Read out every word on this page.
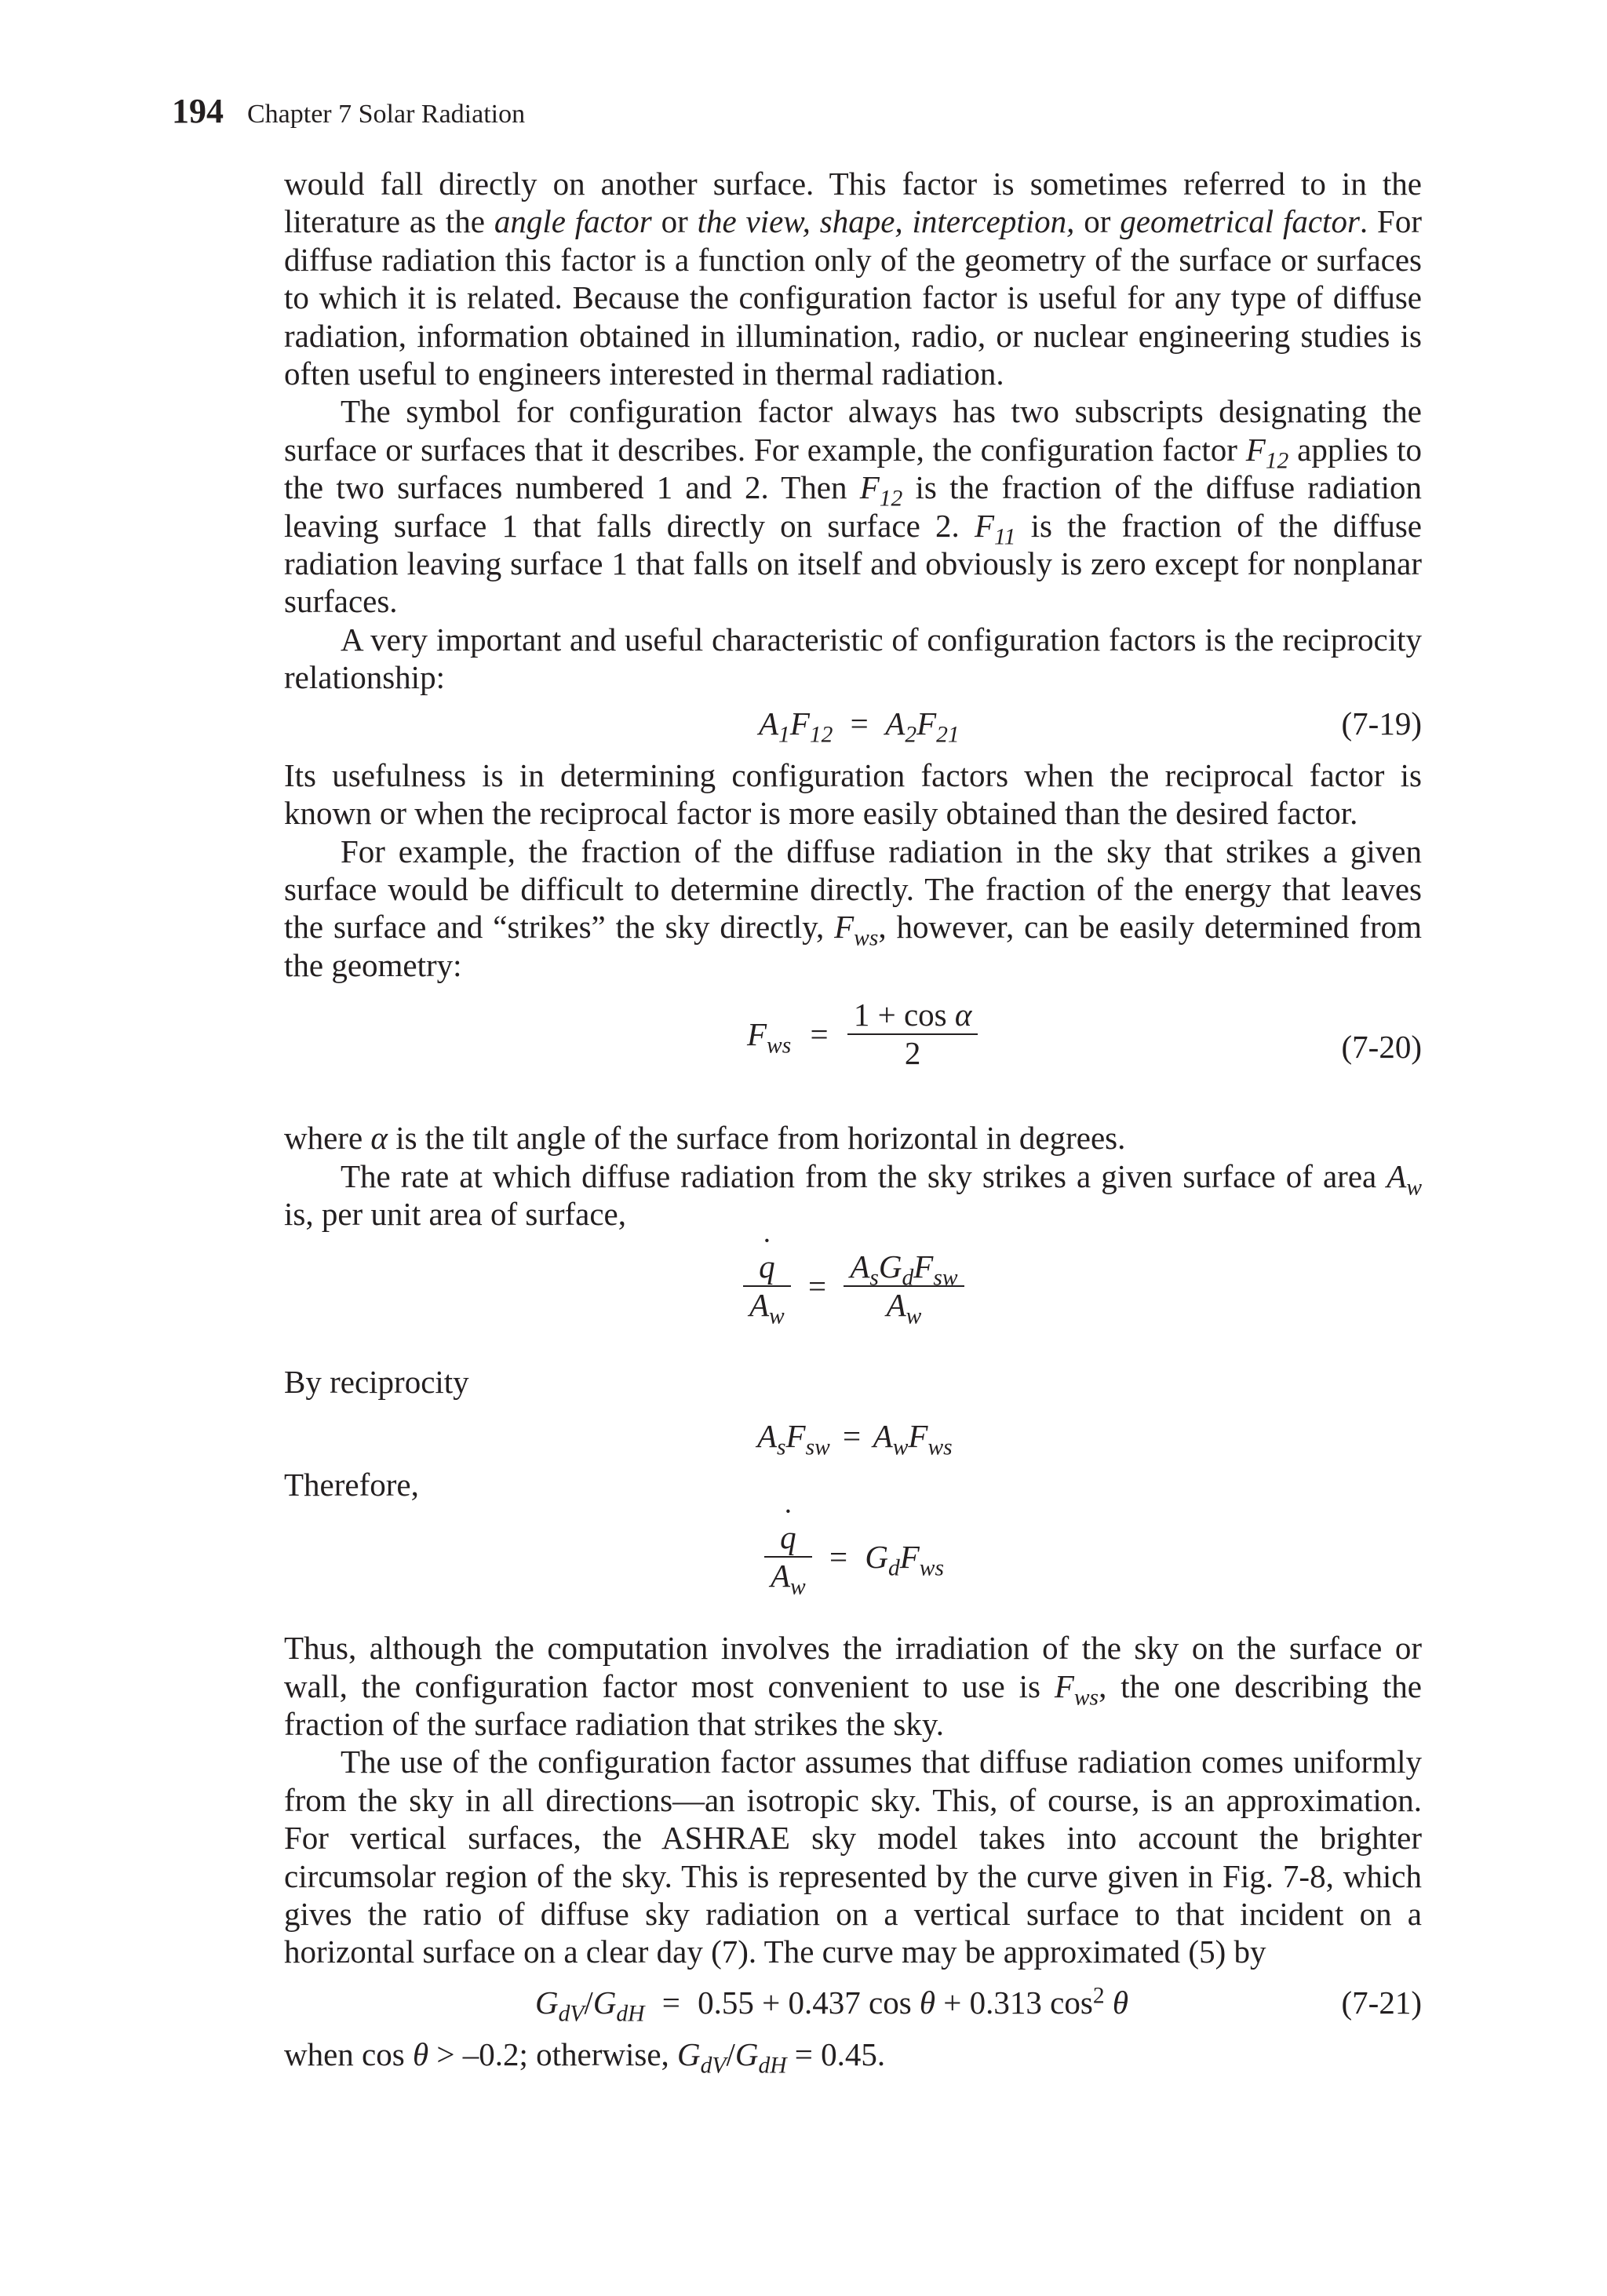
194 Chapter 7 Solar Radiation

would fall directly on another surface. This factor is sometimes referred to in the literature as the angle factor or the view, shape, interception, or geometrical factor. For diffuse radiation this factor is a function only of the geometry of the surface or surfaces to which it is related. Because the configuration factor is useful for any type of diffuse radiation, information obtained in illumination, radio, or nuclear engineering studies is often useful to engineers interested in thermal radiation.

The symbol for configuration factor always has two subscripts designating the surface or surfaces that it describes. For example, the configuration factor $F_{12}$ applies to the two surfaces numbered 1 and 2. Then $F_{12}$ is the fraction of the diffuse radiation leaving surface 1 that falls directly on surface 2. $F_{11}$ is the fraction of the diffuse radiation leaving surface 1 that falls on itself and obviously is zero except for nonplanar surfaces.

A very important and useful characteristic of configuration factors is the reciprocity relationship:

$A_1F_{12} = A_2F_{21}$	(7-19)

Its usefulness is in determining configuration factors when the reciprocal factor is known or when the reciprocal factor is more easily obtained than the desired factor.

For example, the fraction of the diffuse radiation in the sky that strikes a given surface would be difficult to determine directly. The fraction of the energy that leaves the surface and “strikes” the sky directly, $F_{ws}$, however, can be easily determined from the geometry:

$F_{ws} = \frac{\text{1 + cos α}}{2}$	(7-20)

where α is the tilt angle of the surface from horizontal in degrees.

The rate at which diffuse radiation from the sky strikes a given surface of area $A_w$ is, per unit area of surface,

˙ $\frac{q}{A_w} = \frac{A_sG_dF_{sw}}{A_w}$

By reciprocity

$A_sF_{sw} = A_wF_{ws}$

Therefore,

˙ $\frac{q}{A_w} = G_dF_{ws}$

Thus, although the computation involves the irradiation of the sky on the surface or wall, the configuration factor most convenient to use is $F_{ws}$, the one describing the fraction of the surface radiation that strikes the sky.

The use of the configuration factor assumes that diffuse radiation comes uniformly from the sky in all directions—an isotropic sky. This, of course, is an approximation. For vertical surfaces, the ASHRAE sky model takes into account the brighter circumsolar region of the sky. This is represented by the curve given in Fig. 7-8, which gives the ratio of diffuse sky radiation on a vertical surface to that incident on a horizontal surface on a clear day (7). The curve may be approximated (5) by

$G_{dV}/G_{dH} = 0.55 + 0.437$ cos θ + 0.313 $\cos^2 \theta$	(7-21)

when cos θ > –0.2; otherwise, $G_{dV}/G_{dH} = 0.45$.
